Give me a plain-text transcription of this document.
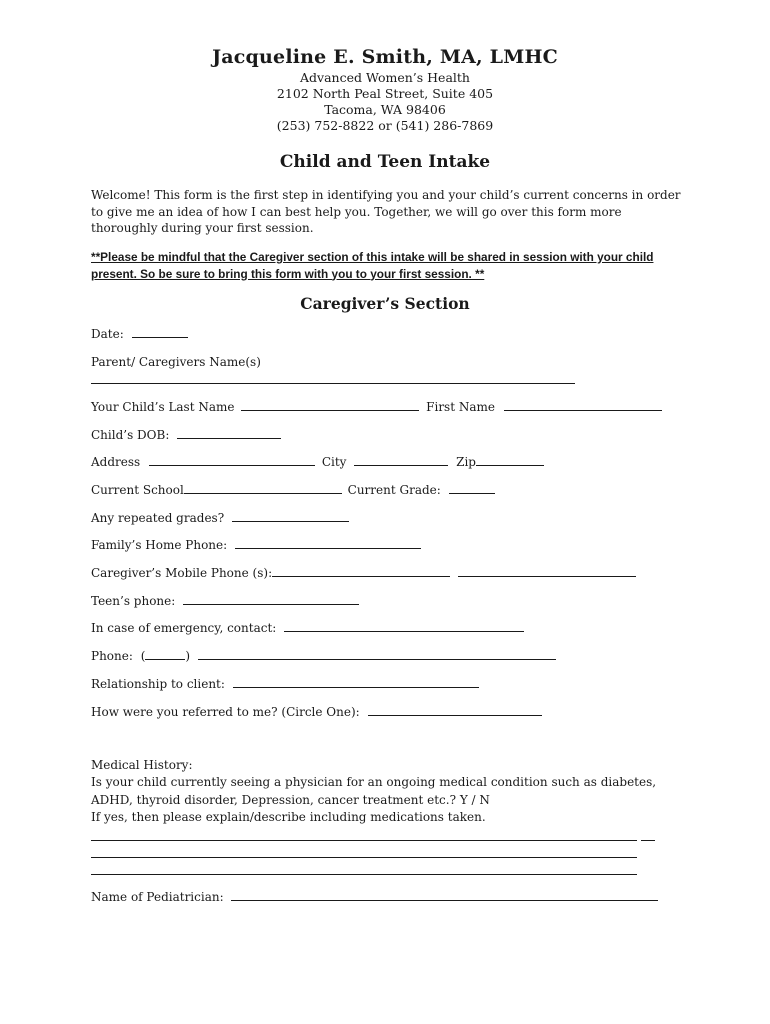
Jacqueline E. Smith, MA, LMHC
Advanced Women’s Health
2102 North Peal Street, Suite 405
Tacoma, WA 98406
(253) 752-8822 or (541) 286-7869
Child and Teen Intake
Welcome! This form is the first step in identifying you and your child’s current concerns in order to give me an idea of how I can best help you. Together, we will go over this form more thoroughly during your first session.
**Please be mindful that the Caregiver section of this intake will be shared in session with your child present. So be sure to bring this form with you to your first session. **
Caregiver’s Section
Date:
Parent/ Caregivers Name(s)
Your Child’s Last Name	First Name
Child’s DOB:
Address	City	Zip
Current School	Current Grade:
Any repeated grades?
Family’s Home Phone:
Caregiver’s Mobile Phone (s):
Teen’s phone:
In case of emergency, contact:
Phone: (	)
Relationship to client:
How were you referred to me? (Circle One):
Medical History:
Is your child currently seeing a physician for an ongoing medical condition such as diabetes, ADHD, thyroid disorder, Depression, cancer treatment etc.? Y / N
If yes, then please explain/describe including medications taken.
Name of Pediatrician:
